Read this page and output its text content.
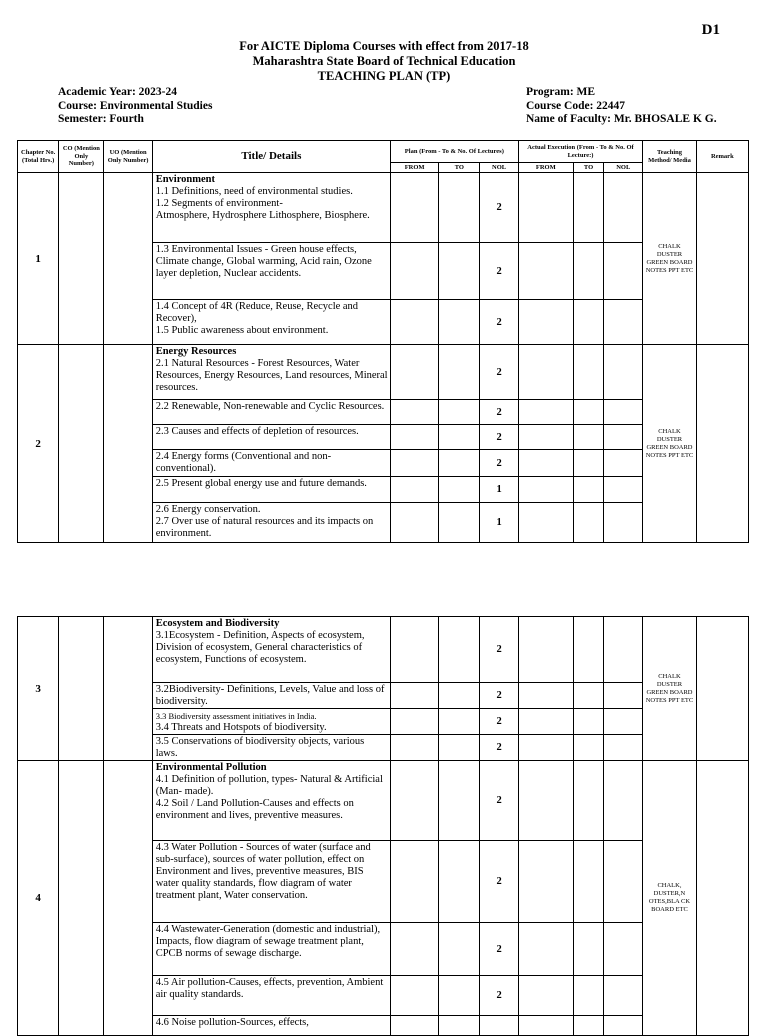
D1
For AICTE Diploma Courses with effect from 2017-18
Maharashtra State Board of Technical Education
TEACHING PLAN (TP)
Academic Year: 2023-24
Course: Environmental Studies
Semester: Fourth
Program: ME
Course Code: 22447
Name of Faculty: Mr. BHOSALE K G.
Chapter No. (Total Hrs.)	CO (Mention Only Number)	UO (Mention Only Number)	Title/ Details	Plan (From - To & No. Of Lectures)			Actual Execution (From - To & No. Of Lecture:)			Teaching Method/ Media	Remark
				FROM	TO	NOL	FROM	TO	NOL		
1			Environment
1.1 Definitions, need of environmental studies.
1.2 Segments of environment-
Atmosphere, Hydrosphere Lithosphere, Biosphere.			2				CHALK DUSTER GREEN BOARD NOTES PPT ETC	

			1.3 Environmental Issues - Green house effects, Climate change, Global warming, Acid rain, Ozone layer depletion, Nuclear accidents.			2					

			1.4 Concept of 4R (Reduce, Reuse, Recycle and Recover),
1.5 Public awareness about environment.			2					
2			Energy Resources
2.1 Natural Resources - Forest Resources, Water Resources, Energy Resources, Land resources, Mineral resources.			2				CHALK DUSTER GREEN BOARD NOTES PPT ETC	

			2.2 Renewable, Non-renewable and Cyclic Resources.			2					

			2.3 Causes and effects of depletion of resources.			2					

			2.4 Energy forms (Conventional and non-conventional).			2					

			2.5 Present global energy use and future demands.			1					

			2.6 Energy conservation.
2.7 Over use of natural resources and its impacts on environment.			1					
3			Ecosystem and Biodiversity
3.1Ecosystem - Definition, Aspects of ecosystem, Division of ecosystem, General characteristics of ecosystem, Functions of ecosystem.			2				CHALK DUSTER GREEN BOARD NOTES PPT ETC	

			3.2Biodiversity- Definitions, Levels, Value and loss of biodiversity.			2					

			3.3 Biodiversity assessment initiatives in India.
3.4 Threats and Hotspots of biodiversity.			2					

			3.5 Conservations of biodiversity objects, various laws.			2					
4			Environmental Pollution
4.1 Definition of pollution, types- Natural & Artificial (Man- made).
4.2 Soil / Land Pollution-Causes and effects on environment and lives, preventive measures.			2				CHALK, DUSTER,N OTES,BLA CK BOARD ETC	

			4.3 Water Pollution - Sources of water (surface and sub-surface), sources of water pollution, effect on Environment and lives, preventive measures, BIS water quality standards, flow diagram of water treatment plant, Water conservation.			2					

			4.4 Wastewater-Generation (domestic and industrial), Impacts, flow diagram of sewage treatment plant, CPCB norms of sewage discharge.			2					

			4.5 Air pollution-Causes, effects, prevention, Ambient air quality standards.			2					

			4.6 Noise pollution-Sources, effects,								
